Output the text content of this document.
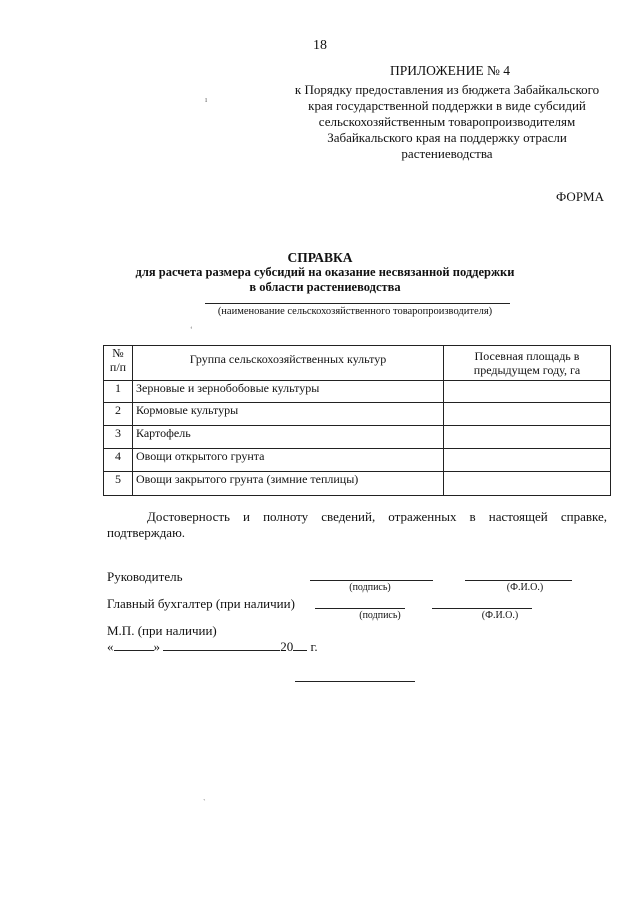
18
ПРИЛОЖЕНИЕ № 4
к Порядку предоставления из бюджета Забайкальского
края государственной поддержки в виде субсидий
сельскохозяйственным товаропроизводителям
Забайкальского края на поддержку отрасли
растениеводства
ФОРМА
СПРАВКА
для расчета размера субсидий на оказание несвязанной поддержки
в области растениеводства
(наименование сельскохозяйственного товаропроизводителя)
№ п/п	Группа сельскохозяйственных культур	Посевная площадь в предыдущем году, га
1	Зерновые и зернобобовые культуры	
2	Кормовые культуры	
3	Картофель	
4	Овощи открытого грунта	
5	Овощи закрытого грунта (зимние теплицы)	
Достоверность и полноту сведений, отраженных в настоящей справке, подтверждаю.
Руководитель
(подпись)	(Ф.И.О.)
Главный бухгалтер (при наличии)
(подпись)	(Ф.И.О.)
М.П. (при наличии)
«	»	20 г.
ı
‘
`
